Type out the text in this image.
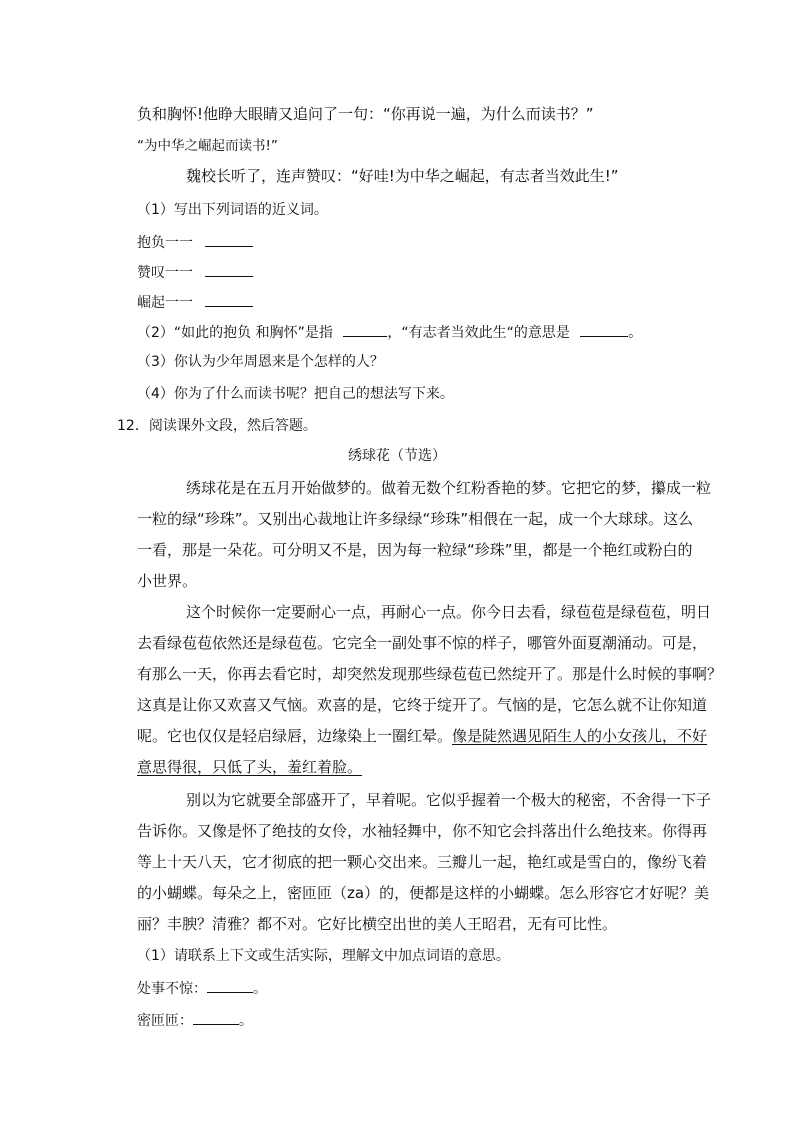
负和胸怀!他睁大眼睛又追问了一句：“你再说一遍，为什么而读书？”
“为中华之崛起而读书!”
魏校长听了，连声赞叹：“好哇!为中华之崛起，有志者当效此生!”
（1）写出下列词语的近义词。
抱负一一
赞叹一一
崛起一一
（2）“如此的抱负 和胸怀”是指	，“有志者当效此生“的意思是	。
（3）你认为少年周恩来是个怎样的人？
（4）你为了什么而读书呢？把自己的想法写下来。
12．阅读课外文段，然后答题。
绣球花（节选）
绣球花是在五月开始做梦的。做着无数个红粉香艳的梦。它把它的梦，攥成一粒
一粒的绿“珍珠”。又别出心裁地让许多绿绿“珍珠”相偎在一起，成一个大球球。这么
一看，那是一朵花。可分明又不是，因为每一粒绿“珍珠”里，都是一个艳红或粉白的
小世界。
这个时候你一定要耐心一点，再耐心一点。你今日去看，绿苞苞是绿苞苞，明日
去看绿苞苞依然还是绿苞苞。它完全一副处事不惊的样子，哪管外面夏潮涌动。可是，
有那么一天，你再去看它时，却突然发现那些绿苞苞已然绽开了。那是什么时候的事啊？
这真是让你又欢喜又气恼。欢喜的是，它终于绽开了。气恼的是，它怎么就不让你知道
呢。它也仅仅是轻启绿唇，边缘染上一圈红晕。像是陡然遇见陌生人的小女孩儿，不好
意思得很，只低了头，羞红着脸。
别以为它就要全部盛开了，早着呢。它似乎握着一个极大的秘密，不舍得一下子
告诉你。又像是怀了绝技的女伶，水袖轻舞中，你不知它会抖落出什么绝技来。你得再
等上十天八天，它才彻底的把一颗心交出来。三瓣儿一起，艳红或是雪白的，像纷飞着
的小蝴蝶。每朵之上，密匝匝（za）的，便都是这样的小蝴蝶。怎么形容它才好呢？美
丽？丰腴？清雅？都不对。它好比横空出世的美人王昭君，无有可比性。
（1）请联系上下文或生活实际，理解文中加点词语的意思。
处事不惊：	。
密匝匝：	。
